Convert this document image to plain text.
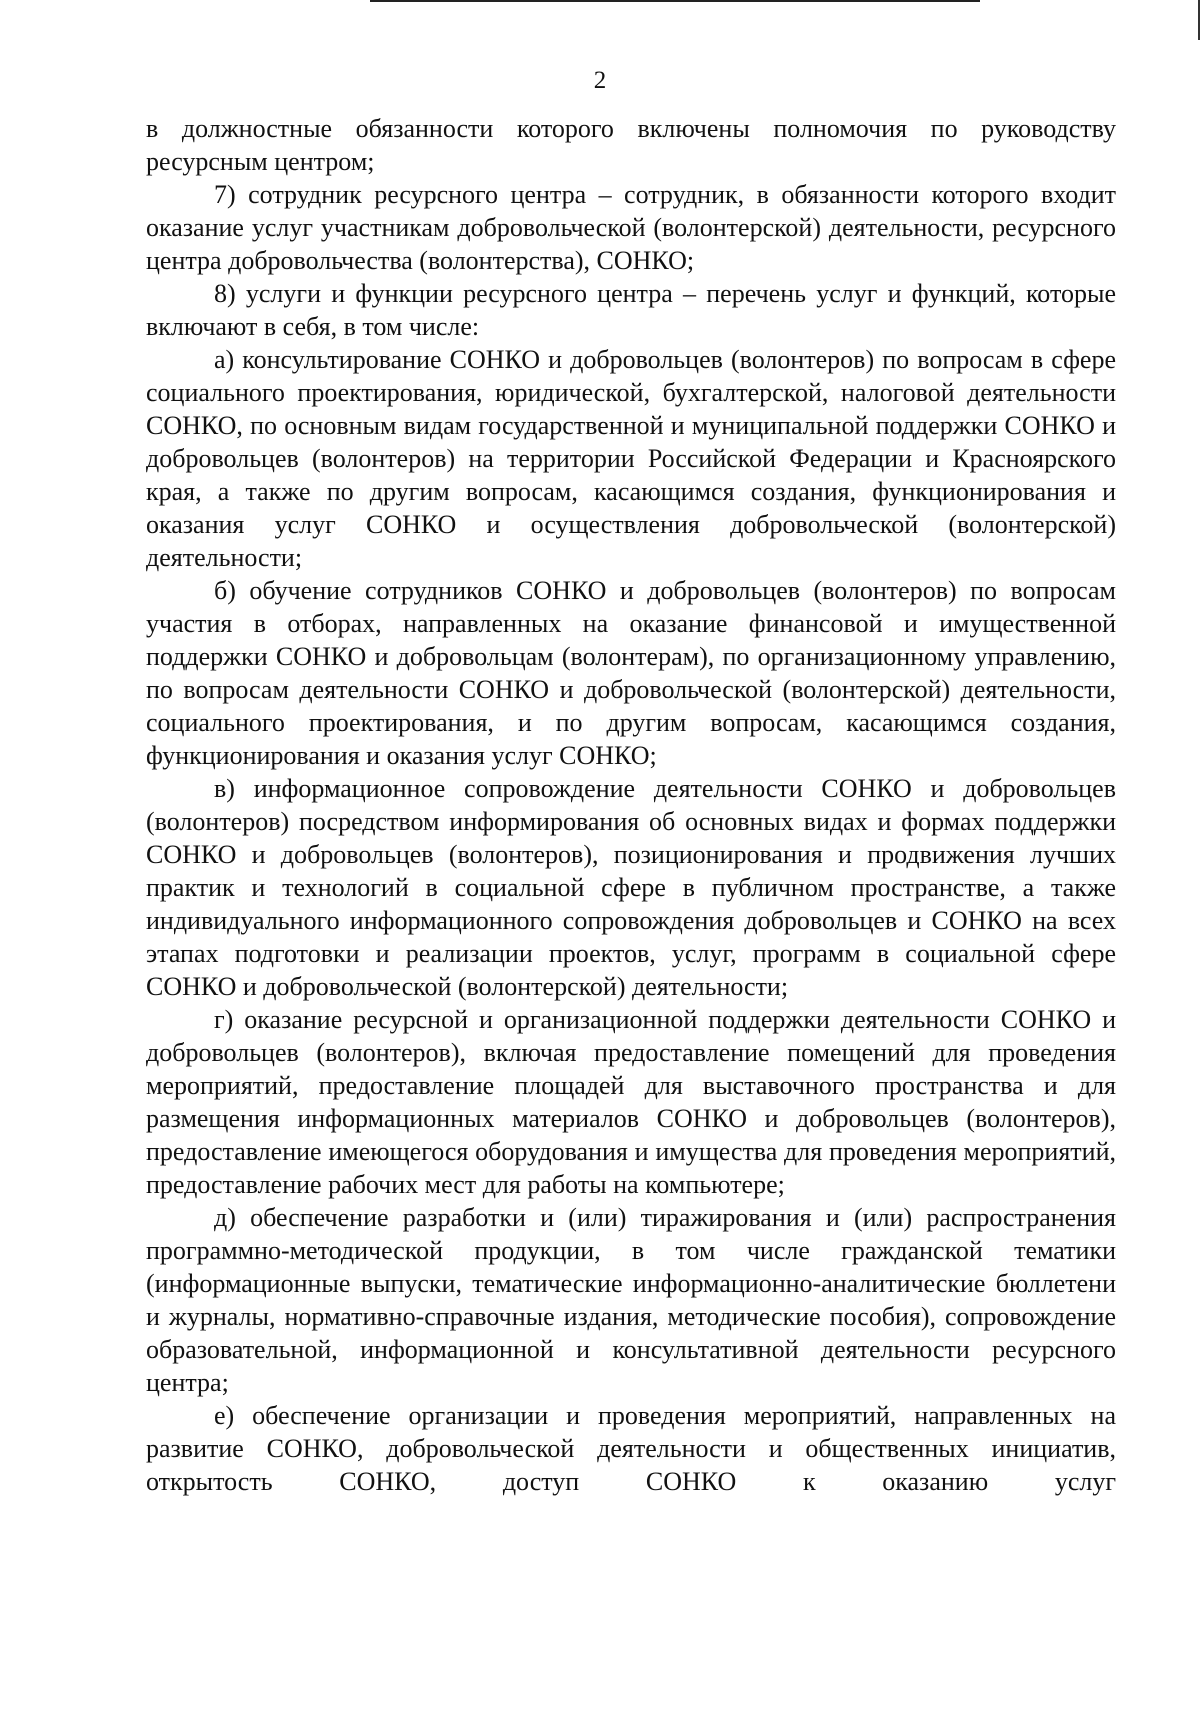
2

в должностные обязанности которого включены полномочия по руководству ресурсным центром;

7) сотрудник ресурсного центра – сотрудник, в обязанности которого входит оказание услуг участникам добровольческой (волонтерской) деятельности, ресурсного центра добровольчества (волонтерства), СОНКО;

8) услуги и функции ресурсного центра – перечень услуг и функций, которые включают в себя, в том числе:

а) консультирование СОНКО и добровольцев (волонтеров) по вопросам в сфере социального проектирования, юридической, бухгалтерской, налоговой деятельности СОНКО, по основным видам государственной и муниципальной поддержки СОНКО и добровольцев (волонтеров) на территории Российской Федерации и Красноярского края, а также по другим вопросам, касающимся создания, функционирования и оказания услуг СОНКО и осуществления добровольческой (волонтерской) деятельности;

б) обучение сотрудников СОНКО и добровольцев (волонтеров) по вопросам участия в отборах, направленных на оказание финансовой и имущественной поддержки СОНКО и добровольцам (волонтерам), по организационному управлению, по вопросам деятельности СОНКО и добровольческой (волонтерской) деятельности, социального проектирования, и по другим вопросам, касающимся создания, функционирования и оказания услуг СОНКО;

в) информационное сопровождение деятельности СОНКО и добровольцев (волонтеров) посредством информирования об основных видах и формах поддержки СОНКО и добровольцев (волонтеров), позиционирования и продвижения лучших практик и технологий в социальной сфере в публичном пространстве, а также индивидуального информационного сопровождения добровольцев и СОНКО на всех этапах подготовки и реализации проектов, услуг, программ в социальной сфере СОНКО и добровольческой (волонтерской) деятельности;

г) оказание ресурсной и организационной поддержки деятельности СОНКО и добровольцев (волонтеров), включая предоставление помещений для проведения мероприятий, предоставление площадей для выставочного пространства и для размещения информационных материалов СОНКО и добровольцев (волонтеров), предоставление имеющегося оборудования и имущества для проведения мероприятий, предоставление рабочих мест для работы на компьютере;

д) обеспечение разработки и (или) тиражирования и (или) распространения программно-методической продукции, в том числе гражданской тематики (информационные выпуски, тематические информационно-аналитические бюллетени и журналы, нормативно-справочные издания, методические пособия), сопровождение образовательной, информационной и консультативной деятельности ресурсного центра;

е) обеспечение организации и проведения мероприятий, направленных на развитие СОНКО, добровольческой деятельности и общественных инициатив, открытость СОНКО, доступ СОНКО к оказанию услуг
